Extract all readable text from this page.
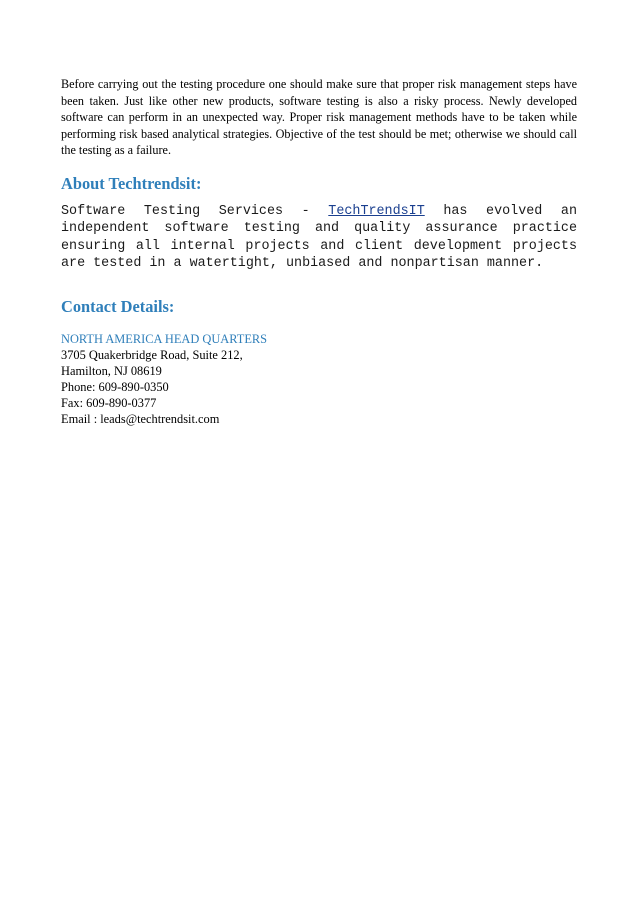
Before carrying out the testing procedure one should make sure that proper risk management steps have been taken. Just like other new products, software testing is also a risky process. Newly developed software can perform in an unexpected way. Proper risk management methods have to be taken while performing risk based analytical strategies. Objective of the test should be met; otherwise we should call the testing as a failure.

About Techtrendsit:

Software Testing Services - TechTrendsIT has evolved an independent software testing and quality assurance practice ensuring all internal projects and client development projects are tested in a watertight, unbiased and nonpartisan manner.

Contact Details:
NORTH AMERICA HEAD QUARTERS
3705 Quakerbridge Road, Suite 212,
Hamilton, NJ 08619
Phone: 609-890-0350
Fax: 609-890-0377
Email : leads@techtrendsit.com
